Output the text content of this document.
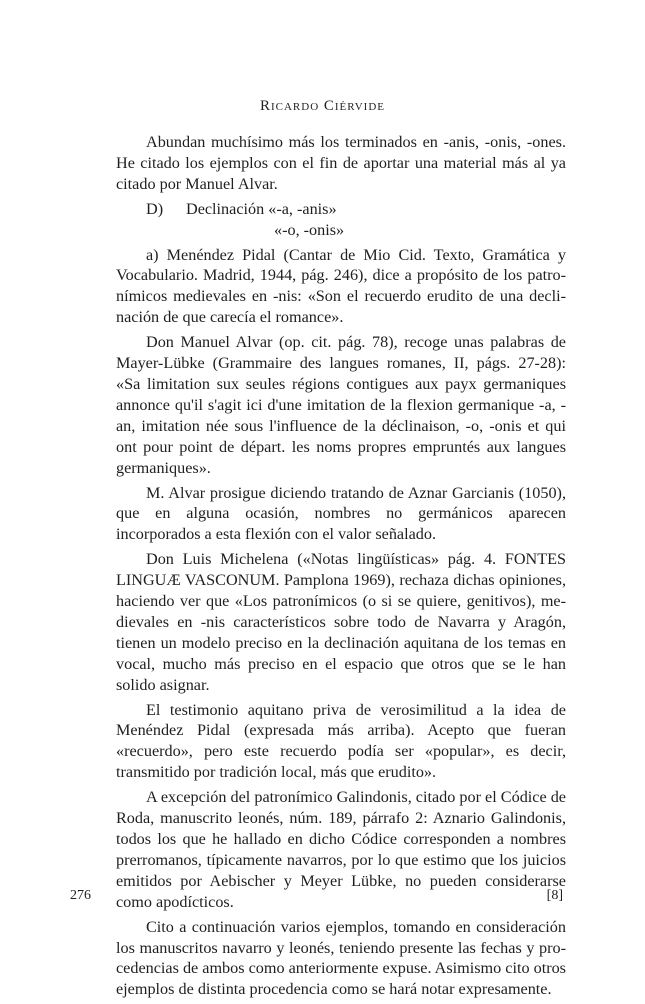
Ricardo Ciérvide

Abundan muchísimo más los terminados en -anis, -onis, -ones. He citado los ejemplos con el fin de aportar una material más al ya citado por Manuel Alvar.

D) Declinación «-a, -anis»

«-o, -onis»

a) Menéndez Pidal (Cantar de Mio Cid. Texto, Gramática y Vocabulario. Madrid, 1944, pág. 246), dice a propósito de los patronímicos medievales en -nis: «Son el recuerdo erudito de una declinación de que carecía el romance».

Don Manuel Alvar (op. cit. pág. 78), recoge unas palabras de Mayer-Lübke (Grammaire des langues romanes, II, págs. 27-28): «Sa limitation sux seules régions contigues aux payx germaniques annonce qu'il s'agit ici d'une imitation de la flexion germanique -a, -an, imitation née sous l'influence de la déclinaison, -o, -onis et qui ont pour point de départ. les noms propres empruntés aux langues germaniques».

M. Alvar prosigue diciendo tratando de Aznar Garcianis (1050), que en alguna ocasión, nombres no germánicos aparecen incorporados a esta flexión con el valor señalado.

Don Luis Michelena («Notas lingüísticas» pág. 4. FONTES LINGUÆ VASCONUM. Pamplona 1969), rechaza dichas opiniones, haciendo ver que «Los patronímicos (o si se quiere, genitivos), medievales en -nis característicos sobre todo de Navarra y Aragón, tienen un modelo preciso en la declinación aquitana de los temas en vocal, mucho más preciso en el espacio que otros que se le han solido asignar.

El testimonio aquitano priva de verosimilitud a la idea de Menéndez Pidal (expresada más arriba). Acepto que fueran «recuerdo», pero este recuerdo podía ser «popular», es decir, transmitido por tradición local, más que erudito».

A excepción del patronímico Galindonis, citado por el Códice de Roda, manuscrito leonés, núm. 189, párrafo 2: Aznario Galindonis, todos los que he hallado en dicho Códice corresponden a nombres prerromanos, típicamente navarros, por lo que estimo que los juicios emitidos por Aebischer y Meyer Lübke, no pueden considerarse como apodícticos.

Cito a continuación varios ejemplos, tomando en consideración los manuscritos navarro y leonés, teniendo presente las fechas y procedencias de ambos como anteriormente expuse. Asimismo cito otros ejemplos de distinta procedencia como se hará notar expresamente.

276	[8]
